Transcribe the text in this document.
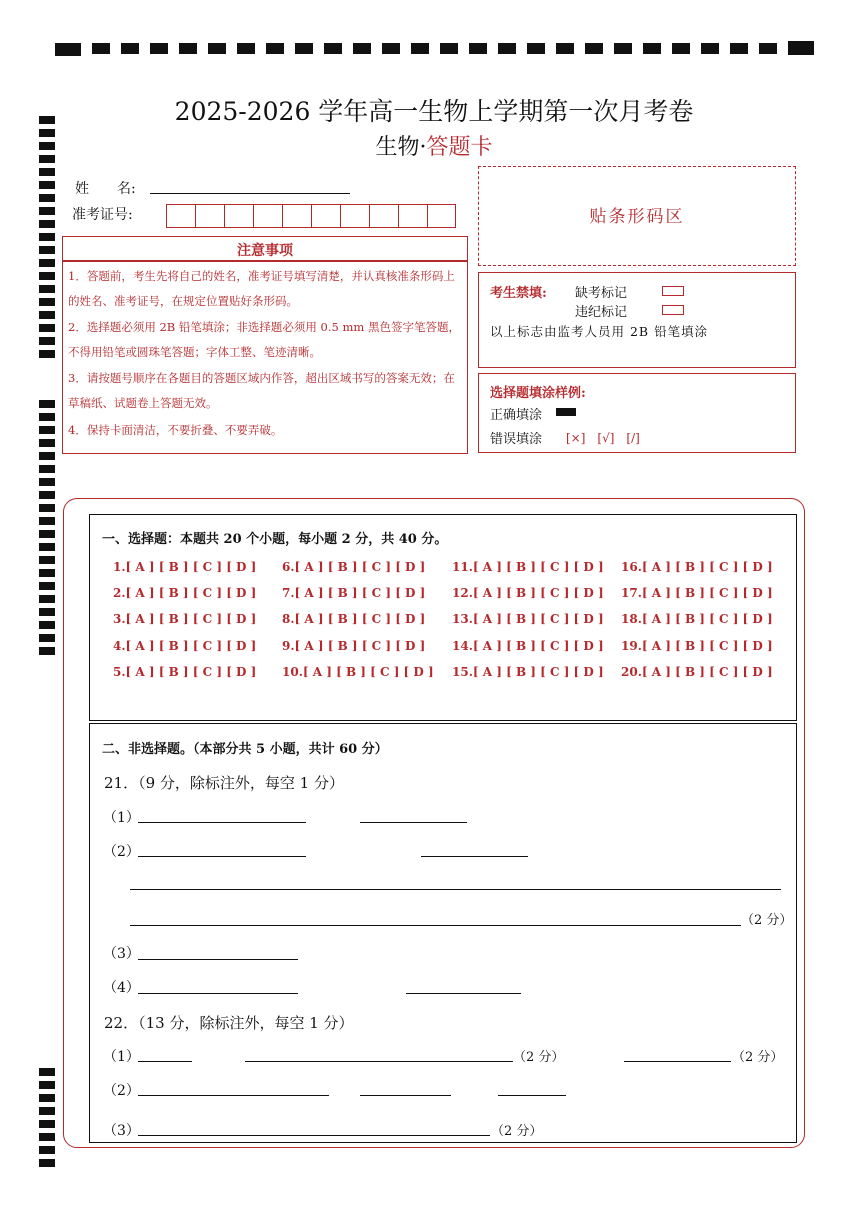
2025-2026 学年高一生物上学期第一次月考卷
生物·答题卡
姓　　名:
准考证号:
注意事项
1．答题前，考生先将自己的姓名，准考证号填写清楚，并认真核准条形码上的姓名、准考证号，在规定位置贴好条形码。
2．选择题必须用 2B 铅笔填涂；非选择题必须用 0.5 mm 黑色签字笔答题，不得用铅笔或圆珠笔答题；字体工整、笔迹清晰。
3．请按题号顺序在各题目的答题区域内作答，超出区域书写的答案无效；在草稿纸、试题卷上答题无效。
4．保持卡面清洁，不要折叠、不要弄破。
贴条形码区
考生禁填: 缺考标记
违纪标记
以上标志由监考人员用 2B 铅笔填涂
选择题填涂样例:
正确填涂
错误填涂 [×]　[√]　[/]
一、选择题：本题共 20 个小题，每小题 2 分，共 40 分。
1.[ A ] [ B ] [ C ] [ D ]
2.[ A ] [ B ] [ C ] [ D ]
3.[ A ] [ B ] [ C ] [ D ]
4.[ A ] [ B ] [ C ] [ D ]
5.[ A ] [ B ] [ C ] [ D ]
6.[ A ] [ B ] [ C ] [ D ]
7.[ A ] [ B ] [ C ] [ D ]
8.[ A ] [ B ] [ C ] [ D ]
9.[ A ] [ B ] [ C ] [ D ]
10.[ A ] [ B ] [ C ] [ D ]
11.[ A ] [ B ] [ C ] [ D ]
12.[ A ] [ B ] [ C ] [ D ]
13.[ A ] [ B ] [ C ] [ D ]
14.[ A ] [ B ] [ C ] [ D ]
15.[ A ] [ B ] [ C ] [ D ]
16.[ A ] [ B ] [ C ] [ D ]
17.[ A ] [ B ] [ C ] [ D ]
18.[ A ] [ B ] [ C ] [ D ]
19.[ A ] [ B ] [ C ] [ D ]
20.[ A ] [ B ] [ C ] [ D ]
二、非选择题。（本部分共 5 小题，共计 60 分）
21．（9 分，除标注外，每空 1 分）
（1）
（2）
（2 分）
（3）
（4）
22．（13 分，除标注外，每空 1 分）
（1）	（2 分）	（2 分）
（2）
（3）	（2 分）
